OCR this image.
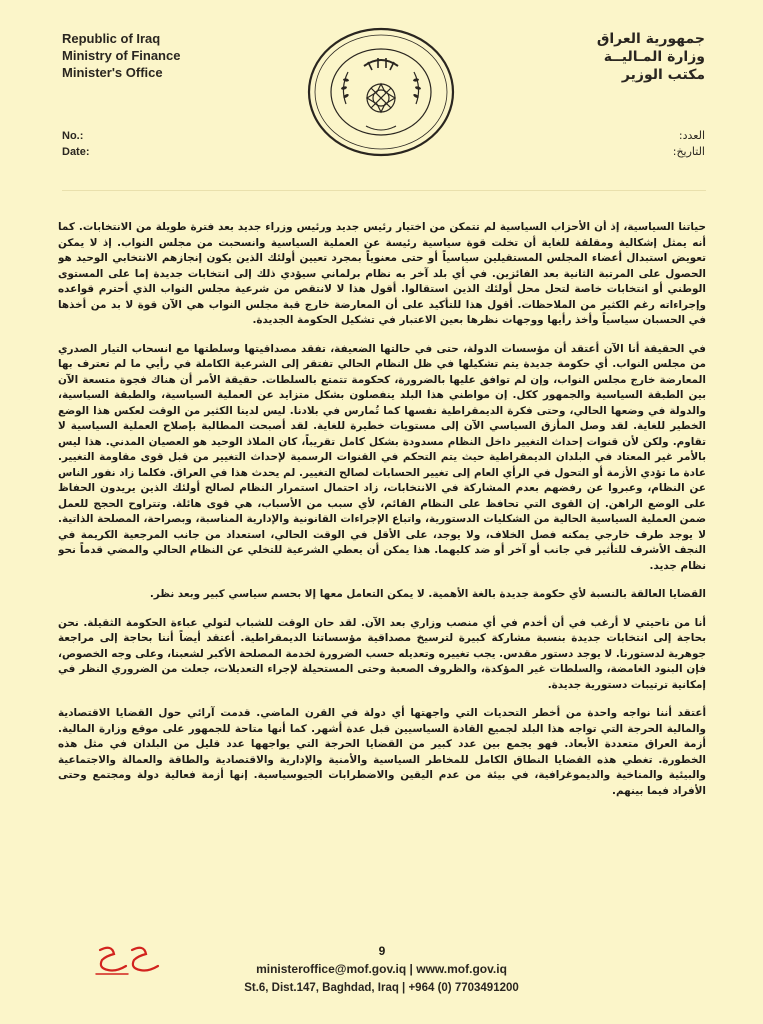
Republic of Iraq
Ministry of Finance
Minister's Office
جمهورية العراق
وزارة المـاليــة
مكتب الوزير
No.:
Date:
العدد:
التاريخ:

حياتنا السياسية، إذ أن الأحزاب السياسية لم تتمكن من اختيار رئيس جديد ورئيس وزراء جديد بعد فترة طويلة من الانتخابات. كما أنه يمثل إشكالية ومقلقة للغاية أن تخلت قوة سياسية رئيسة عن العملية السياسية وانسحبت من مجلس النواب. إذ لا يمكن تعويض استبدال أعضاء المجلس المستقيلين سياسياً أو حتى معنوياً بمجرد تعيين أولئك الذين يكون إنجازهم الانتخابي الوحيد هو الحصول على المرتبة الثانية بعد الفائزين. في أي بلد آخر به نظام برلماني سيؤدي ذلك إلى انتخابات جديدة إما على المستوى الوطني أو انتخابات خاصة لتحل محل أولئك الذين استقالوا. أقول هذا لا لانتقص من شرعية مجلس النواب الذي أحترم قواعده وإجراءاته رغم الكثير من الملاحظات. أقول هذا للتأكيد على أن المعارضة خارج قبة مجلس النواب هي الآن قوة لا بد من أخذها في الحسبان سياسياً وأخذ رأيها ووجهات نظرها بعين الاعتبار في تشكيل الحكومة الجديدة.

في الحقيقة أنا الآن أعتقد أن مؤسسات الدولة، حتى في حالتها الضعيفة، تفقد مصداقيتها وسلطتها مع انسحاب التيار الصدري من مجلس النواب. أي حكومة جديدة يتم تشكيلها في ظل النظام الحالي تفتقر إلى الشرعية الكاملة في رأيي ما لم تعترف بها المعارضة خارج مجلس النواب، وإن لم توافق عليها بالضرورة، كحكومة تتمتع بالسلطات. حقيقة الأمر أن هناك فجوة متسعة الآن بين الطبقة السياسية والجمهور ككل. إن مواطني هذا البلد ينفصلون بشكل متزايد عن العملية السياسية، والطبقة السياسية، والدولة في وضعها الحالي، وحتى فكرة الديمقراطية نفسها كما تُمارس في بلادنا. ليس لدينا الكثير من الوقت لعكس هذا الوضع الخطير للغاية. لقد وصل المأزق السياسي الآن إلى مستويات خطيرة للغاية. لقد أصبحت المطالبة بإصلاح العملية السياسية لا تقاوم. ولكن لأن قنوات إحداث التغيير داخل النظام مسدودة بشكل كامل تقريباً، كان الملاذ الوحيد هو العصيان المدني. هذا ليس بالأمر غير المعتاد في البلدان الديمقراطية حيث يتم التحكم في القنوات الرسمية لإحداث التغيير من قبل قوى مقاومة التغيير. عادة ما تؤدي الأزمة أو التحول في الرأي العام إلى تغيير الحسابات لصالح التغيير. لم يحدث هذا في العراق. فكلما زاد نفور الناس عن النظام، وعبروا عن رفضهم بعدم المشاركة في الانتخابات، زاد احتمال استمرار النظام لصالح أولئك الذين يريدون الحفاظ على الوضع الراهن. إن القوى التي تحافظ على النظام القائم، لأي سبب من الأسباب، هي قوى هائلة. وتتراوح الحجج للعمل ضمن العملية السياسية الحالية من الشكليات الدستورية، واتباع الإجراءات القانونية والإدارية المناسبة، وبصراحة، المصلحة الذاتية. لا يوجد طرف خارجي يمكنه فصل الخلاف، ولا يوجد، على الأقل في الوقت الحالي، استعداد من جانب المرجعية الكريمة في النجف الأشرف للتأثير في جانب أو آخر أو ضد كليهما. هذا يمكن أن يعطي الشرعية للتخلي عن النظام الحالي والمضي قدماً نحو نظام جديد.

القضايا العالقة بالنسبة لأي حكومة جديدة بالغة الأهمية. لا يمكن التعامل معها إلا بحسم سياسي كبير وبعد نظر.

أنا من ناحيتي لا أرغب في أن أخدم في أي منصب وزاري بعد الآن. لقد حان الوقت للشباب لتولي عباءة الحكومة الثقيلة. نحن بحاجة إلى انتخابات جديدة بنسبة مشاركة كبيرة لترسيخ مصداقية مؤسساتنا الديمقراطية. أعتقد أيضاً أننا بحاجة إلى مراجعة جوهرية لدستورنا. لا يوجد دستور مقدس. يجب تغييره وتعديله حسب الضرورة لخدمة المصلحة الأكبر لشعبنا، وعلى وجه الخصوص، فإن البنود الغامضة، والسلطات غير المؤكدة، والظروف الصعبة وحتى المستحيلة لإجراء التعديلات، جعلت من الضروري النظر في إمكانية ترتيبات دستورية جديدة.

أعتقد أننا نواجه واحدة من أخطر التحديات التي واجهتها أي دولة في القرن الماضي. قدمت آرائي حول القضايا الاقتصادية والمالية الحرجة التي تواجه هذا البلد لجميع القادة السياسيين قبل عدة أشهر. كما أنها متاحة للجمهور على موقع وزارة المالية. أزمة العراق متعددة الأبعاد. فهو يجمع بين عدد كبير من القضايا الحرجة التي يواجهها عدد قليل من البلدان في مثل هذه الخطورة. تغطي هذه القضايا النطاق الكامل للمخاطر السياسية والأمنية والإدارية والاقتصادية والطاقة والعمالة والاجتماعية والبيئية والمناخية والديموغرافية، في بيئة من عدم اليقين والاضطرابات الجيوسياسية. إنها أزمة فعالية دولة ومجتمع وحتى الأفراد فيما بينهم.

9
ministeroffice@mof.gov.iq | www.mof.gov.iq
St.6, Dist.147, Baghdad, Iraq | +964 (0) 7703491200
